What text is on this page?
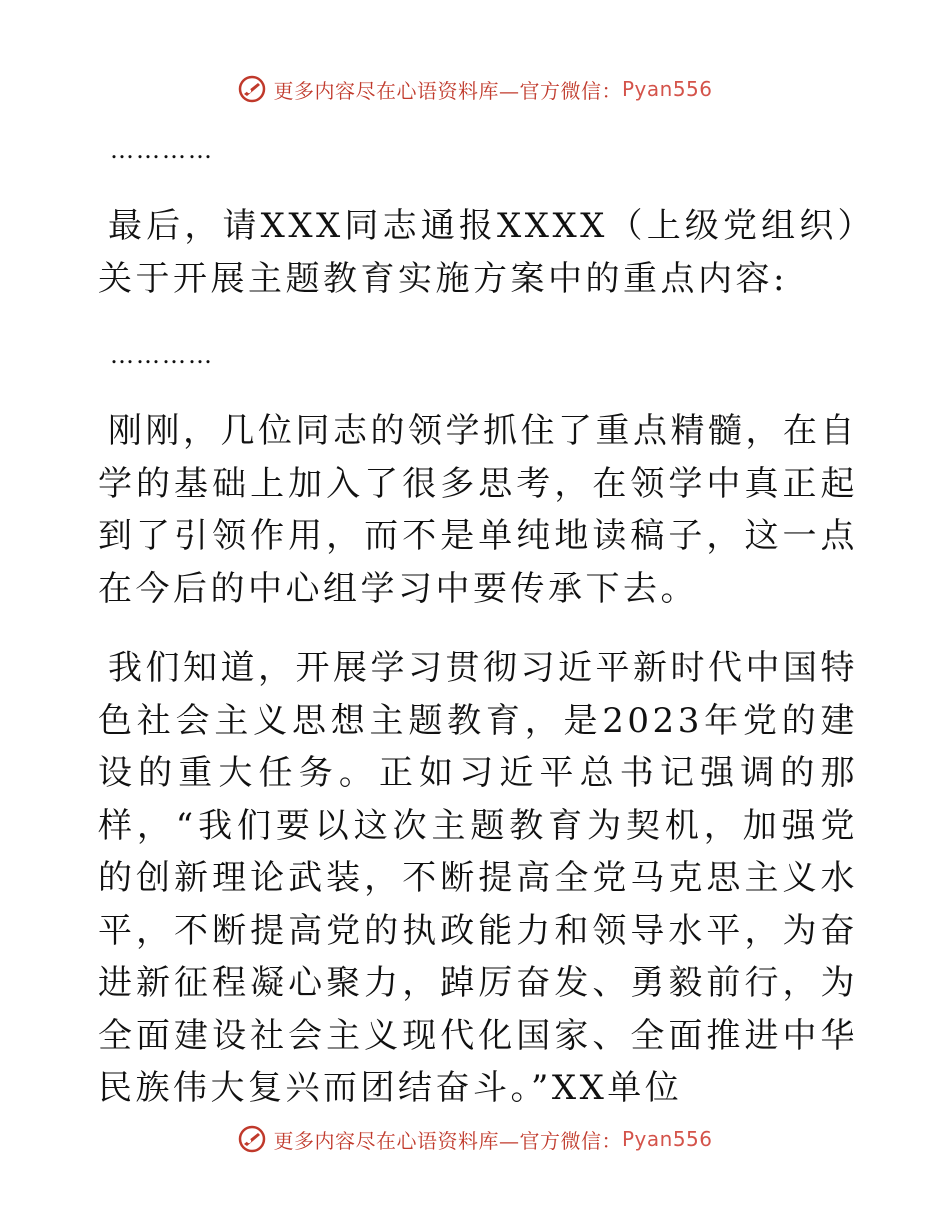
更多内容尽在心语资料库—官方微信： Pyan556

…………

最后，请XXX同志通报XXXX（上级党组织）关于开展主题教育实施方案中的重点内容:

…………

刚刚，几位同志的领学抓住了重点精髓，在自学的基础上加入了很多思考，在领学中真正起到了引领作用，而不是单纯地读稿子，这一点在今后的中心组学习中要传承下去。

我们知道，开展学习贯彻习近平新时代中国特色社会主义思想主题教育，是2023年党的建设的重大任务。正如习近平总书记强调的那样，“我们要以这次主题教育为契机，加强党的创新理论武装，不断提高全党马克思主义水平，不断提高党的执政能力和领导水平，为奋进新征程凝心聚力，踔厉奋发、勇毅前行，为全面建设社会主义现代化国家、全面推进中华民族伟大复兴而团结奋斗。”XX单位

更多内容尽在心语资料库—官方微信： Pyan556
